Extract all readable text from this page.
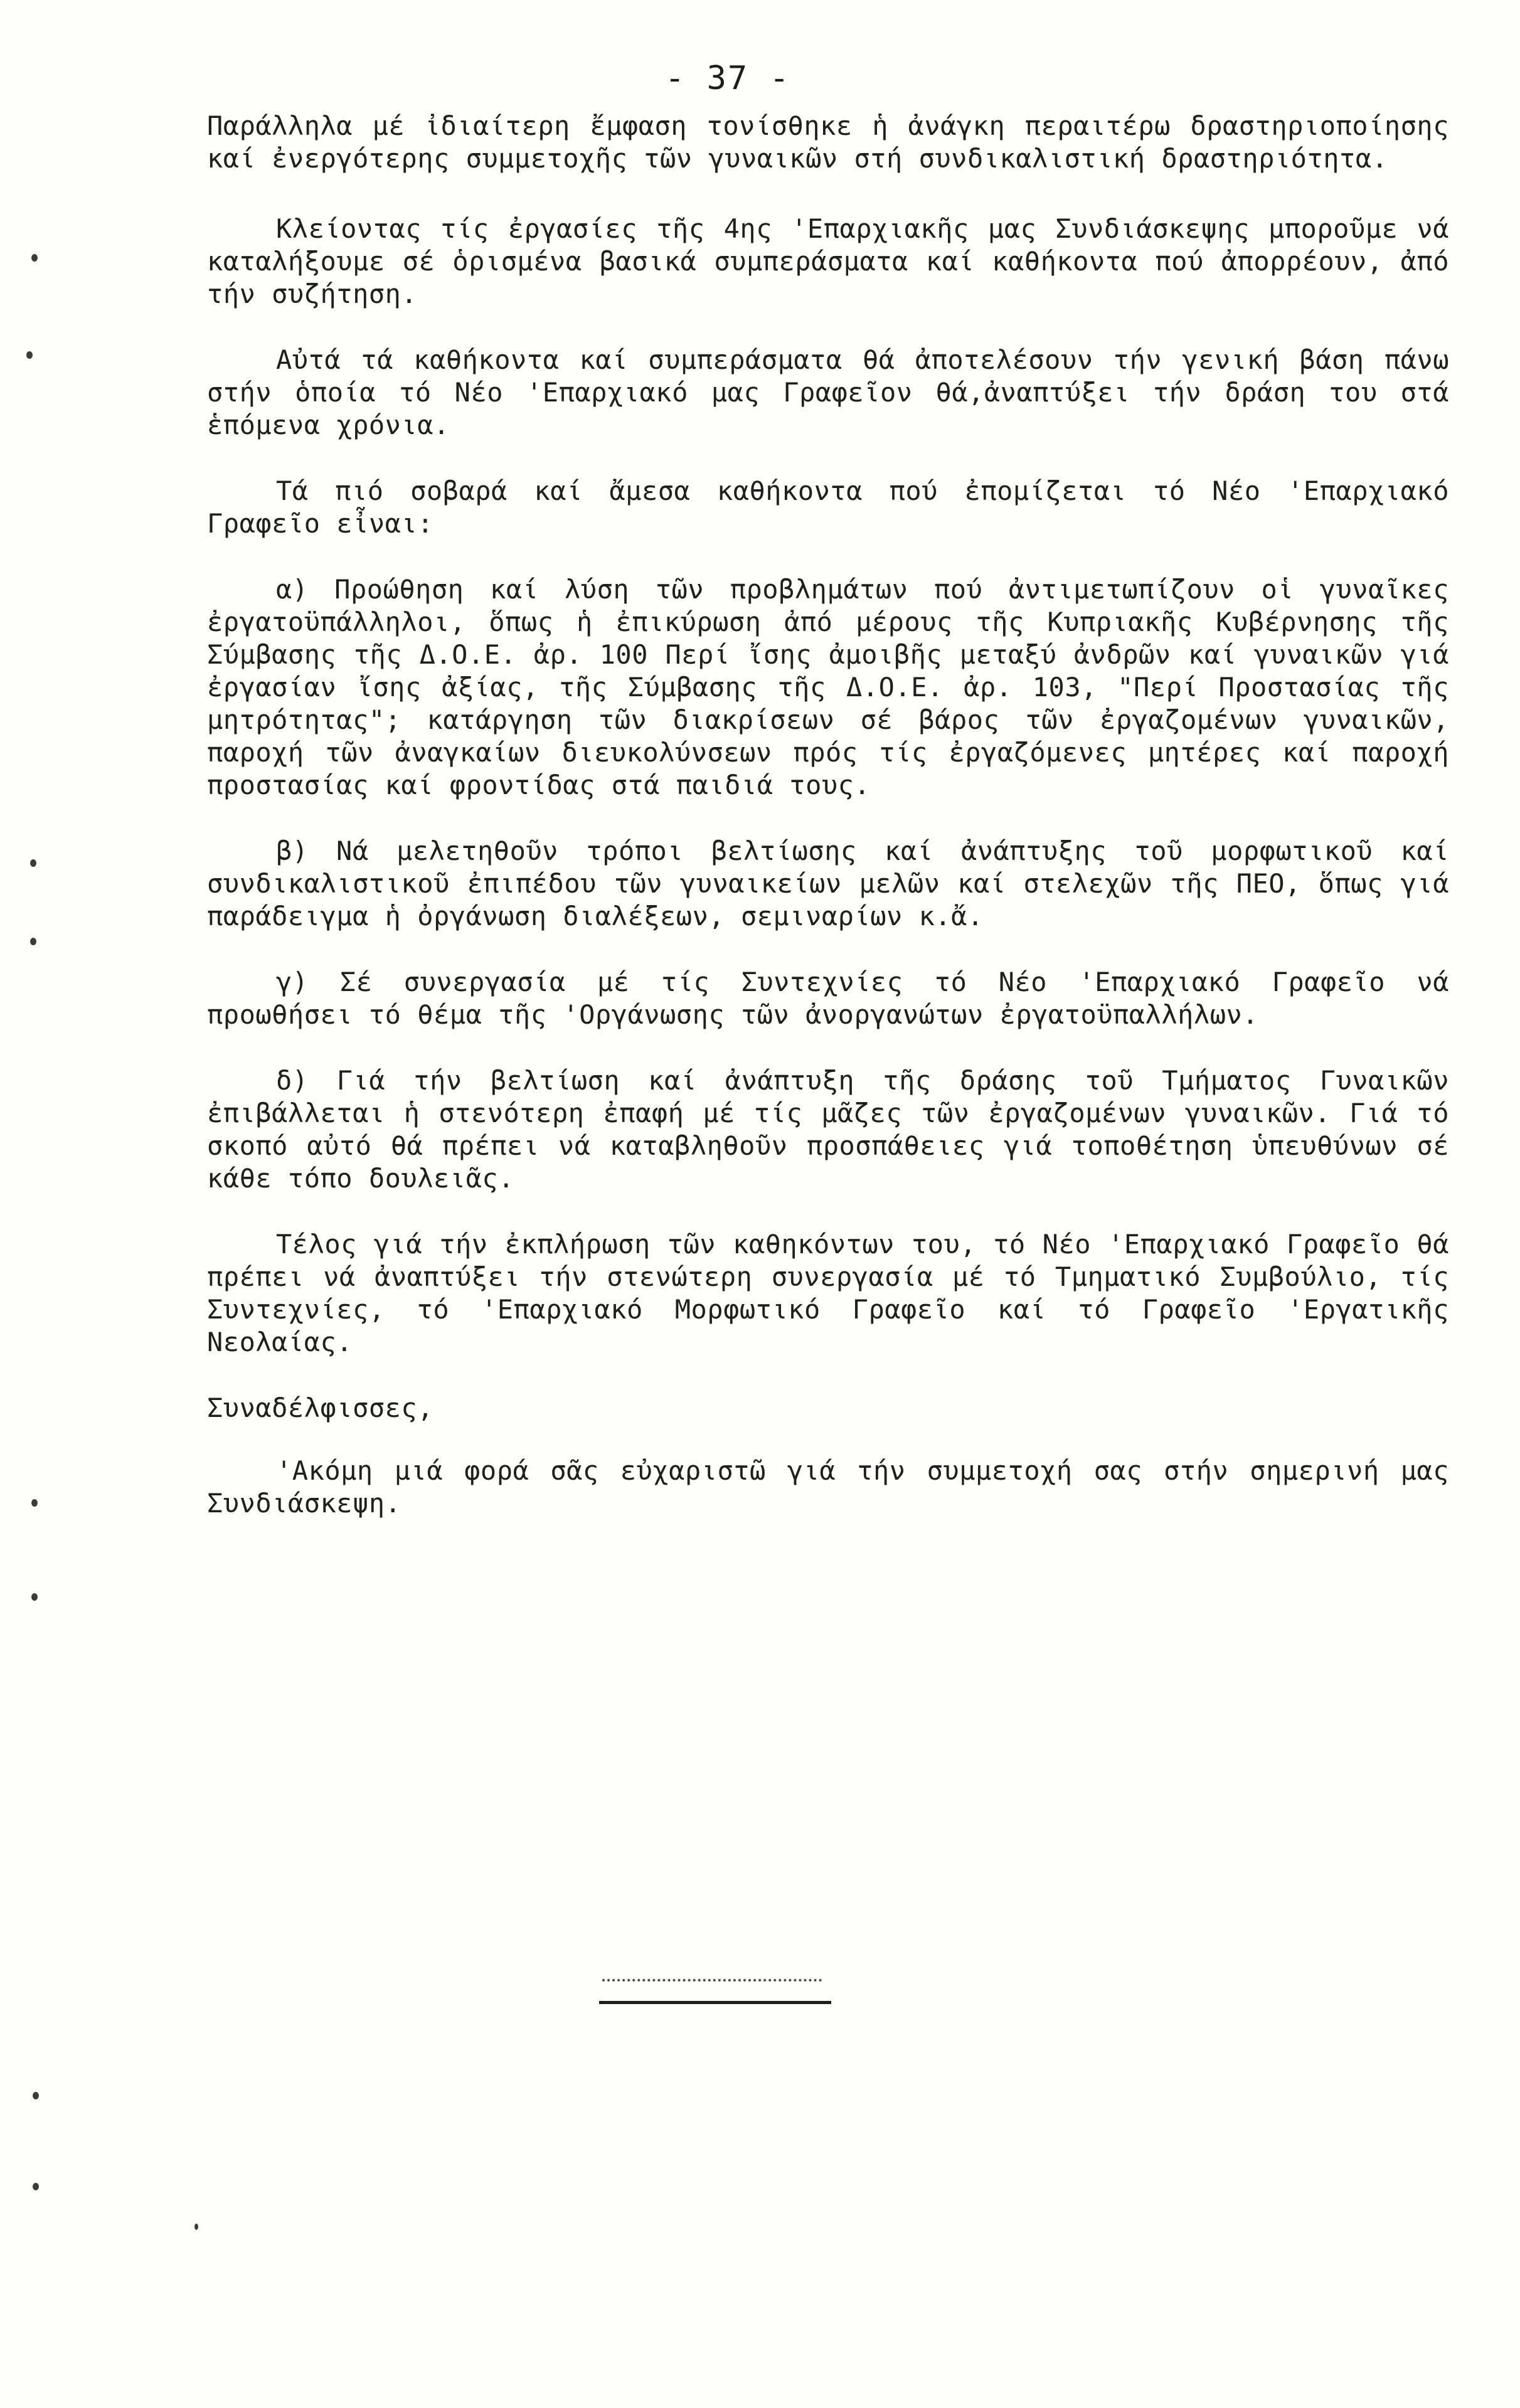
- 37 -

Παράλληλα μέ ἰδιαίτερη ἔμφαση τονίσθηκε ἡ ἀνάγκη περαιτέρω δραστηριοποίησης καί ἐνεργότερης συμμετοχῆς τῶν γυναικῶν στή συνδικαλιστική δραστηριότητα.

Κλείοντας τίς ἐργασίες τῆς 4ης 'Επαρχιακῆς μας Συνδιάσκεψης μποροῦμε νά καταλήξουμε σέ ὁρισμένα βασικά συμπεράσματα καί καθήκοντα πού ἀπορρέουν, ἀπό τήν συζήτηση.

Αὐτά τά καθήκοντα καί συμπεράσματα θά ἀποτελέσουν τήν γενική βάση πάνω στήν ὁποία τό Νέο 'Επαρχιακό μας Γραφεῖον θά,ἀναπτύξει τήν δράση του στά ἑπόμενα χρόνια.

Τά πιό σοβαρά καί ἄμεσα καθήκοντα πού ἐπομίζεται τό Νέο 'Επαρχιακό Γραφεῖο εἶναι:

α) Προώθηση καί λύση τῶν προβλημάτων πού ἀντιμετωπίζουν οἱ γυναῖκες ἐργατοϋπάλληλοι, ὅπως ἡ ἐπικύρωση ἀπό μέρους τῆς Κυπριακῆς Κυβέρνησης τῆς Σύμβασης τῆς Δ.Ο.Ε. ἀρ. 100 Περί ἴσης ἀμοιβῆς μεταξύ ἀνδρῶν καί γυναικῶν γιά ἐργασίαν ἴσης ἀξίας, τῆς Σύμβασης τῆς Δ.Ο.Ε. ἀρ. 103, "Περί Προστασίας τῆς μητρότητας"; κατάργηση τῶν διακρίσεων σέ βάρος τῶν ἐργαζομένων γυναικῶν, παροχή τῶν ἀναγκαίων διευκολύνσεων πρός τίς ἐργαζόμενες μητέρες καί παροχή προστασίας καί φροντίδας στά παιδιά τους.

β) Νά μελετηθοῦν τρόποι βελτίωσης καί ἀνάπτυξης τοῦ μορφωτικοῦ καί συνδικαλιστικοῦ ἐπιπέδου τῶν γυναικείων μελῶν καί στελεχῶν τῆς ΠΕΟ, ὅπως γιά παράδειγμα ἡ ὀργάνωση διαλέξεων, σεμιναρίων κ.ἄ.

γ) Σέ συνεργασία μέ τίς Συντεχνίες τό Νέο 'Επαρχιακό Γραφεῖο νά προωθήσει τό θέμα τῆς 'Οργάνωσης τῶν ἀνοργανώτων ἐργατοϋπαλλήλων.

δ) Γιά τήν βελτίωση καί ἀνάπτυξη τῆς δράσης τοῦ Τμήματος Γυναικῶν ἐπιβάλλεται ἡ στενότερη ἐπαφή μέ τίς μᾶζες τῶν ἐργαζομένων γυναικῶν. Γιά τό σκοπό αὐτό θά πρέπει νά καταβληθοῦν προσπάθειες γιά τοποθέτηση ὑπευθύνων σέ κάθε τόπο δουλειᾶς.

Τέλος γιά τήν ἐκπλήρωση τῶν καθηκόντων του, τό Νέο 'Επαρχιακό Γραφεῖο θά πρέπει νά ἀναπτύξει τήν στενώτερη συνεργασία μέ τό Τμηματικό Συμβούλιο, τίς Συντεχνίες, τό 'Επαρχιακό Μορφωτικό Γραφεῖο καί τό Γραφεῖο 'Εργατικῆς Νεολαίας.

Συναδέλφισσες,

'Ακόμη μιά φορά σᾶς εὐχαριστῶ γιά τήν συμμετοχή σας στήν σημερινή μας Συνδιάσκεψη.
